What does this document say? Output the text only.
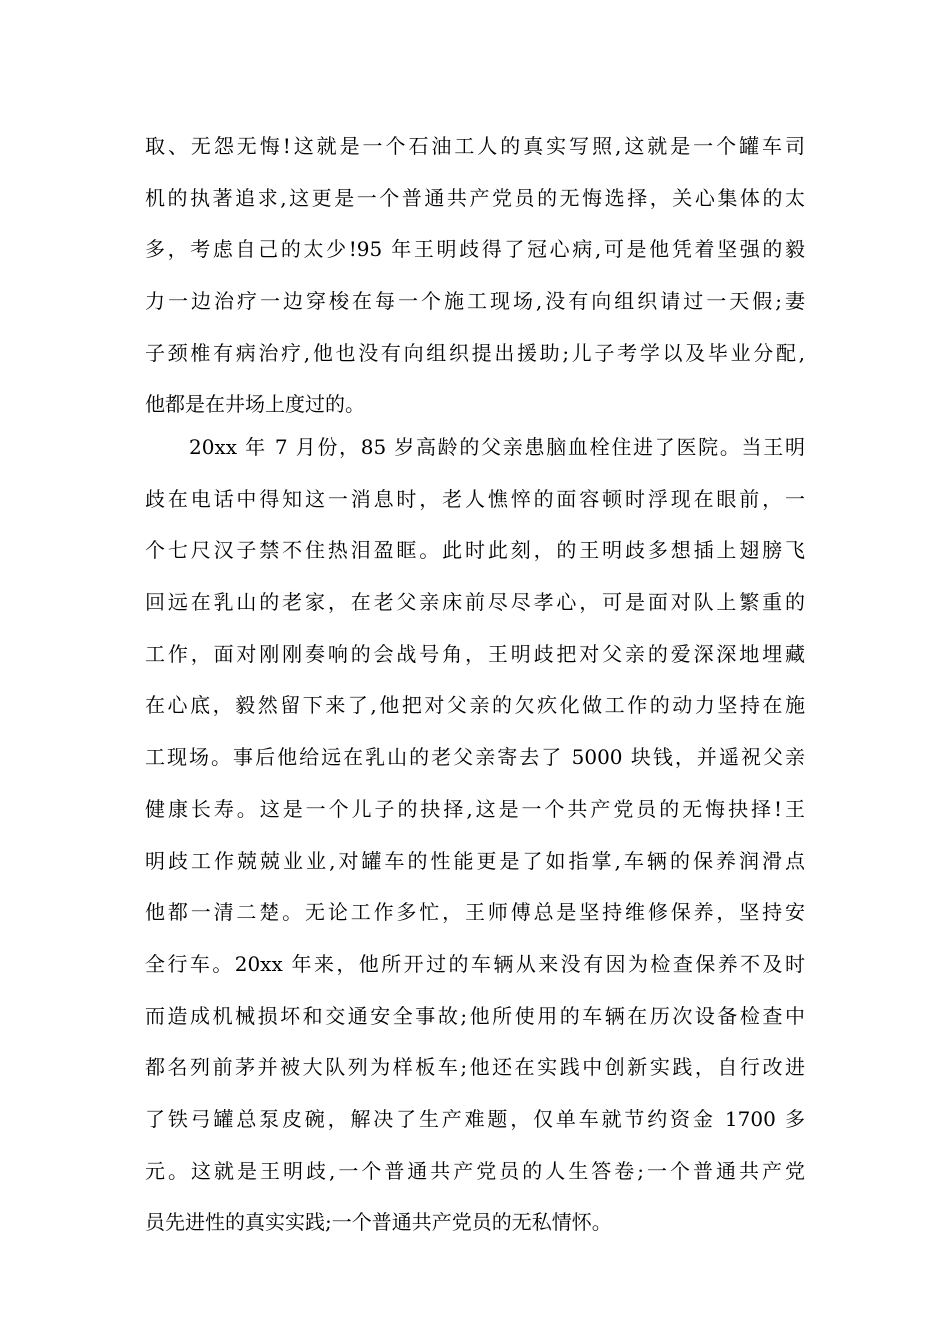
取、无怨无悔!这就是一个石油工人的真实写照,这就是一个罐车司
机的执著追求,这更是一个普通共产党员的无悔选择，关心集体的太
多，考虑自己的太少!95 年王明歧得了冠心病,可是他凭着坚强的毅
力一边治疗一边穿梭在每一个施工现场,没有向组织请过一天假;妻
子颈椎有病治疗,他也没有向组织提出援助;儿子考学以及毕业分配,
他都是在井场上度过的。
20xx 年 7 月份，85 岁高龄的父亲患脑血栓住进了医院。当王明
歧在电话中得知这一消息时，老人憔悴的面容顿时浮现在眼前，一
个七尺汉子禁不住热泪盈眶。此时此刻，的王明歧多想插上翅膀飞
回远在乳山的老家，在老父亲床前尽尽孝心，可是面对队上繁重的
工作，面对刚刚奏响的会战号角，王明歧把对父亲的爱深深地埋藏
在心底，毅然留下来了,他把对父亲的欠疚化做工作的动力坚持在施
工现场。事后他给远在乳山的老父亲寄去了 5000 块钱，并遥祝父亲
健康长寿。这是一个儿子的抉择,这是一个共产党员的无悔抉择!王
明歧工作兢兢业业,对罐车的性能更是了如指掌,车辆的保养润滑点
他都一清二楚。无论工作多忙，王师傅总是坚持维修保养，坚持安
全行车。20xx 年来，他所开过的车辆从来没有因为检查保养不及时
而造成机械损坏和交通安全事故;他所使用的车辆在历次设备检查中
都名列前茅并被大队列为样板车;他还在实践中创新实践，自行改进
了铁弓罐总泵皮碗，解决了生产难题，仅单车就节约资金 1700 多
元。这就是王明歧,一个普通共产党员的人生答卷;一个普通共产党
员先进性的真实实践;一个普通共产党员的无私情怀。
